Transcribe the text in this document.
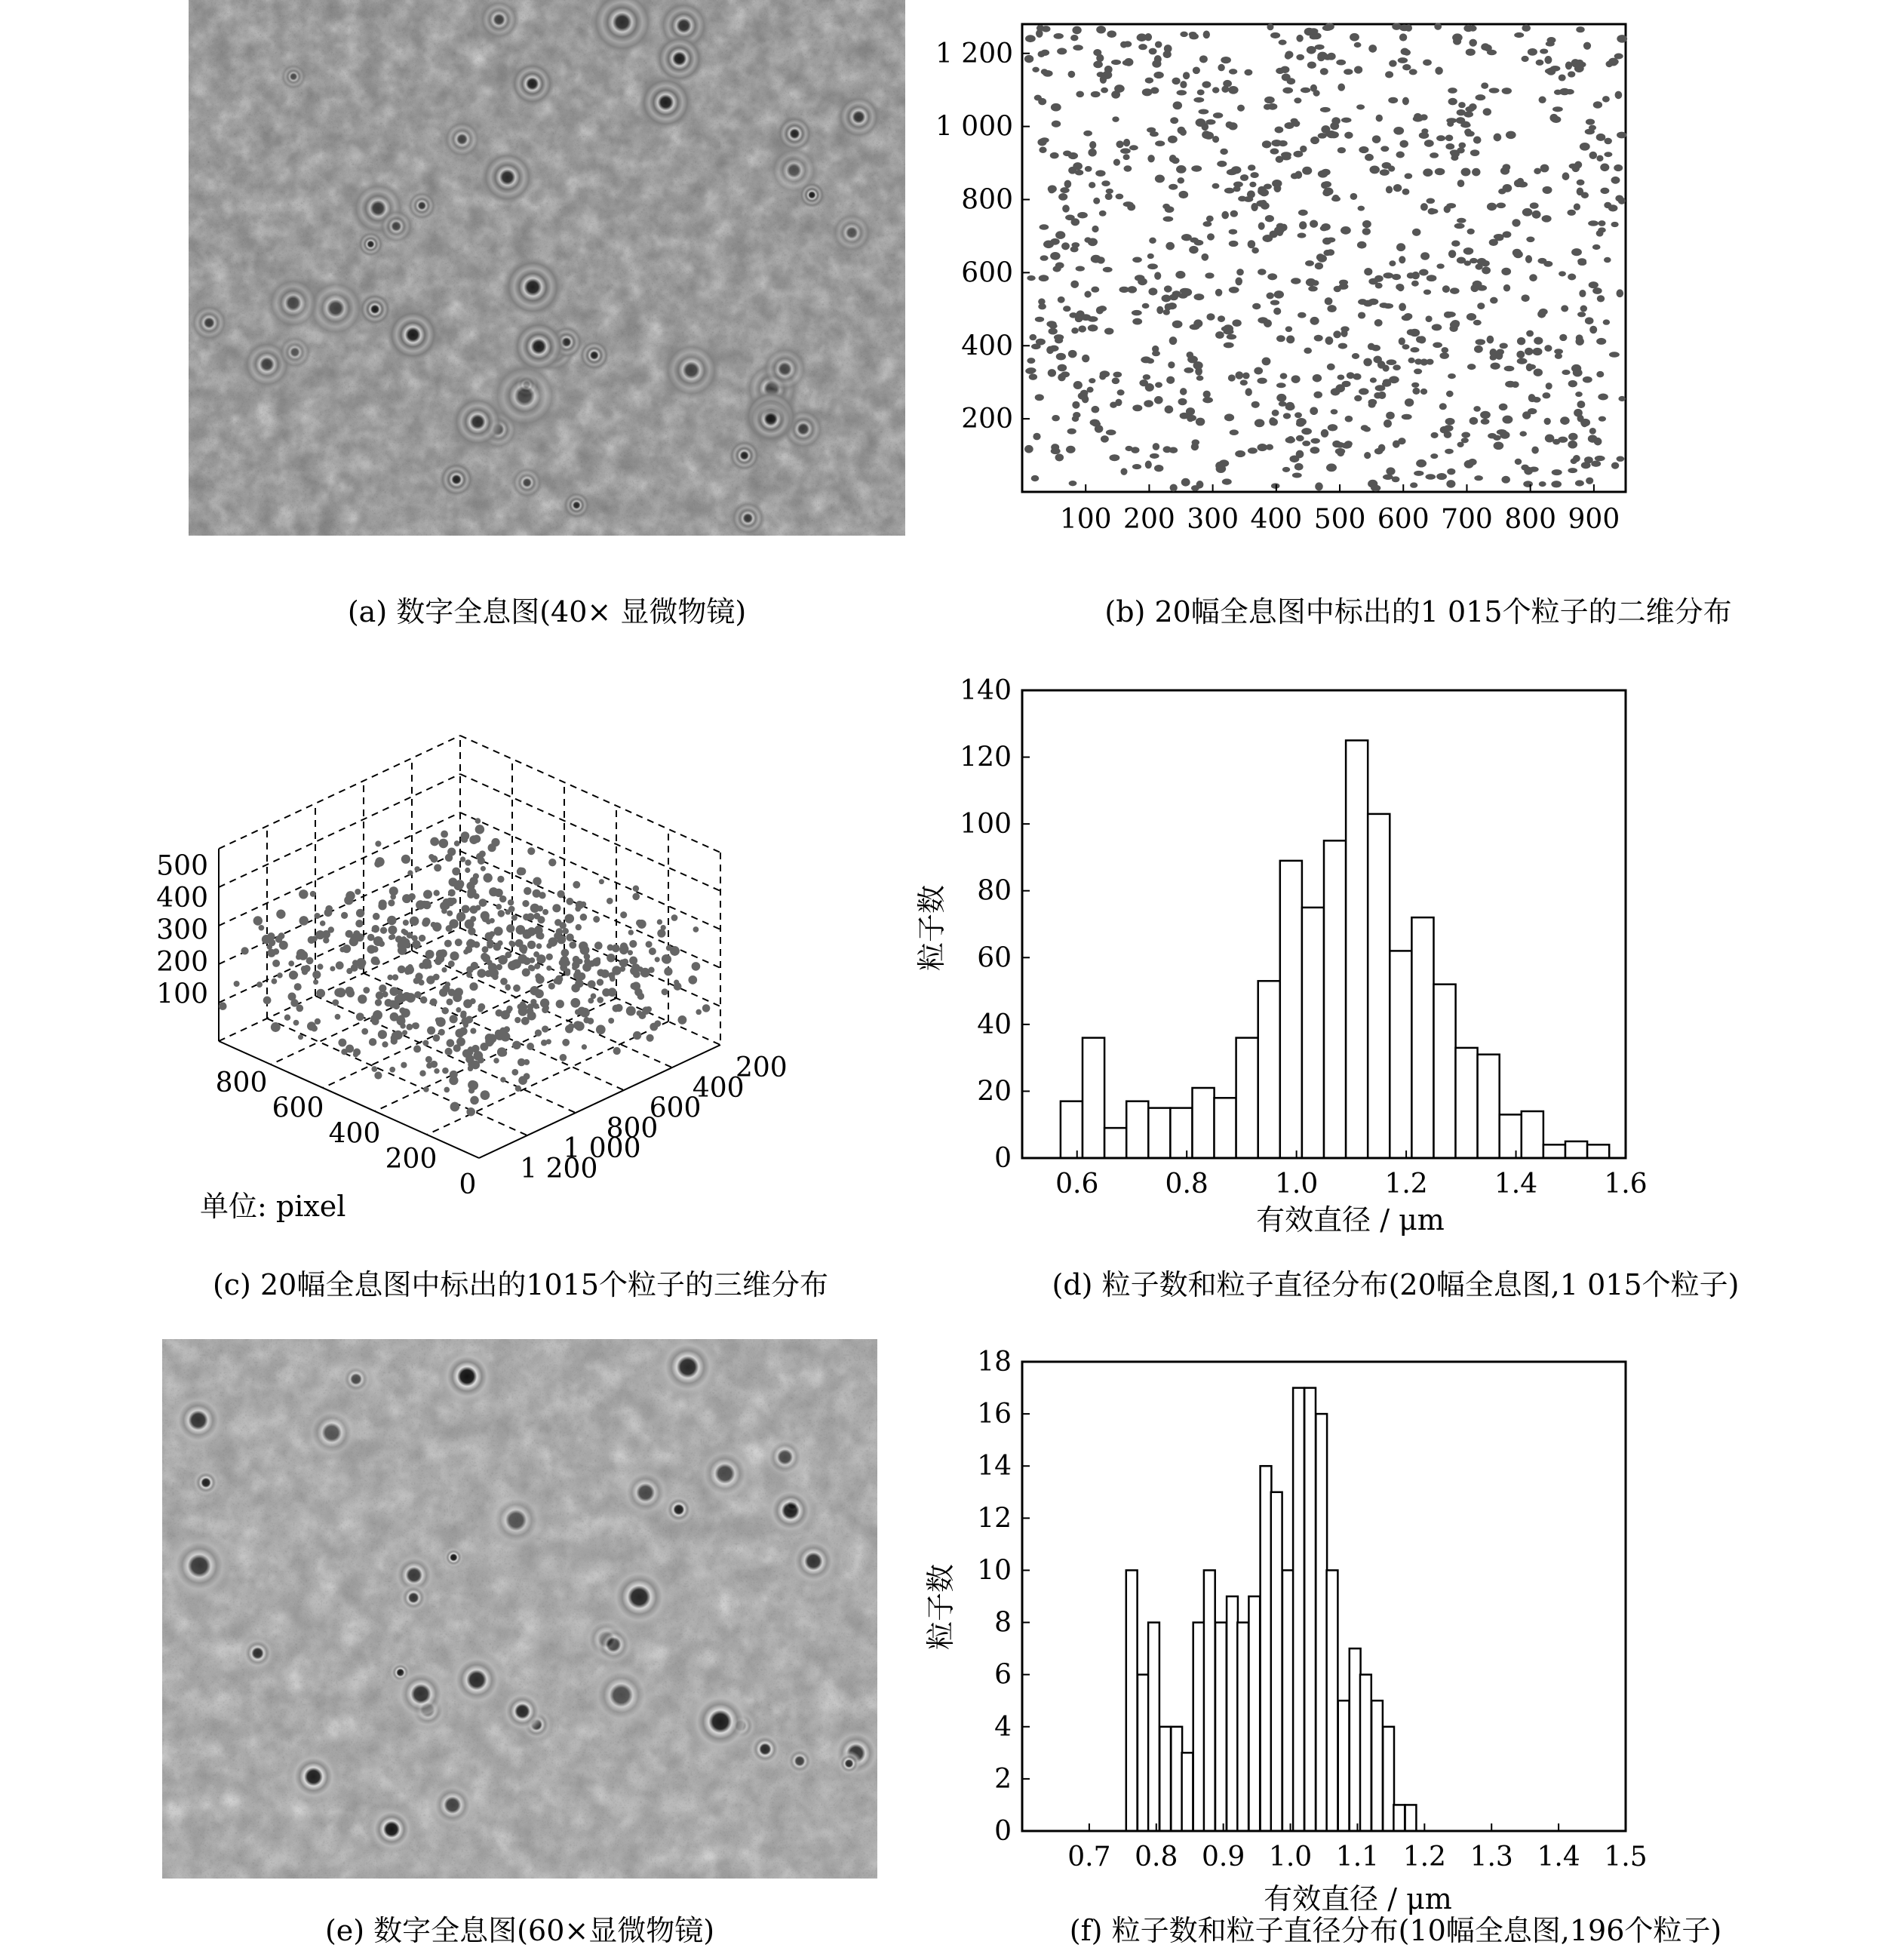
(a) 数字全息图(40× 显微物镜)
100 200 300 400 500 600 700 800 900
200
400
600
800
1 000
1 200
(b) 20幅全息图中标出的1 015个粒子的二维分布
100
200
300
400
500
800
600
400
200
0
200
400
600
800
1 000
1 200
单位: pixel
(c) 20幅全息图中标出的1015个粒子的三维分布
0.6 0.8 1.0 1.2 1.4 1.6
0
20
40
60
80
100
120
140
有效直径 / μm
粒子数
(d) 粒子数和粒子直径分布(20幅全息图,1 015个粒子)
(e) 数字全息图(60×显微物镜)
0.7 0.8 0.9 1.0 1.1 1.2 1.3 1.4 1.5
0
2
4
6
8
10
12
14
16
18
有效直径 / μm
粒子数
(f) 粒子数和粒子直径分布(10幅全息图,196个粒子)
